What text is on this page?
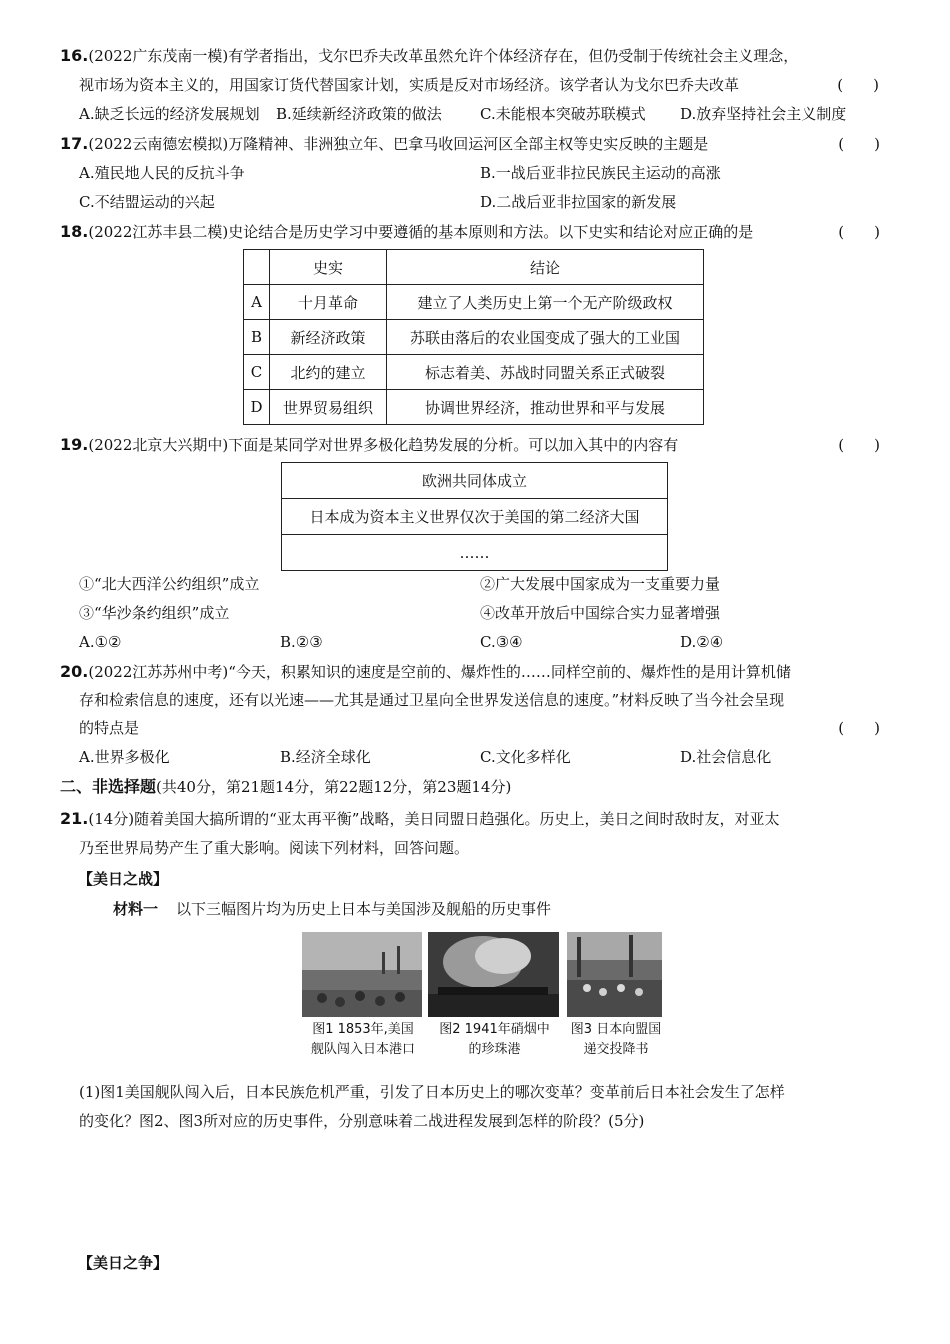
16.(2022广东茂南一模)有学者指出，戈尔巴乔夫改革虽然允许个体经济存在，但仍受制于传统社会主义理念，
视市场为资本主义的，用国家订货代替国家计划，实质是反对市场经济。该学者认为戈尔巴乔夫改革	(　　)
A.缺乏长远的经济发展规划 B.延续新经济政策的做法	C.未能根本突破苏联模式 D.放弃坚持社会主义制度
17.(2022云南德宏模拟)万隆精神、非洲独立年、巴拿马收回运河区全部主权等史实反映的主题是	(　　)
A.殖民地人民的反抗斗争	B.一战后亚非拉民族民主运动的高涨
C.不结盟运动的兴起	D.二战后亚非拉国家的新发展
18.(2022江苏丰县二模)史论结合是历史学习中要遵循的基本原则和方法。以下史实和结论对应正确的是	(　　)
	史实	结论
A	十月革命	建立了人类历史上第一个无产阶级政权
B	新经济政策	苏联由落后的农业国变成了强大的工业国
C	北约的建立	标志着美、苏战时同盟关系正式破裂
D	世界贸易组织	协调世界经济，推动世界和平与发展
19.(2022北京大兴期中)下面是某同学对世界多极化趋势发展的分析。可以加入其中的内容有	(　　)
欧洲共同体成立
日本成为资本主义世界仅次于美国的第二经济大国
……
①“北大西洋公约组织”成立	②广大发展中国家成为一支重要力量
③“华沙条约组织”成立	④改革开放后中国综合实力显著增强
A.①②	B.②③	C.③④	D.②④
20.(2022江苏苏州中考)“今天，积累知识的速度是空前的、爆炸性的……同样空前的、爆炸性的是用计算机储
存和检索信息的速度，还有以光速——尤其是通过卫星向全世界发送信息的速度。”材料反映了当今社会呈现
的特点是	(　　)
A.世界多极化	B.经济全球化	C.文化多样化	D.社会信息化
二、非选择题(共40分，第21题14分，第22题12分，第23题14分)
21.(14分)随着美国大搞所谓的“亚太再平衡”战略，美日同盟日趋强化。历史上，美日之间时敌时友，对亚太
乃至世界局势产生了重大影响。阅读下列材料，回答问题。
【美日之战】
材料一 以下三幅图片均为历史上日本与美国涉及舰船的历史事件
图1 1853年,美国
舰队闯入日本港口
图2 1941年硝烟中
的珍珠港
图3 日本向盟国
递交投降书
(1)图1美国舰队闯入后，日本民族危机严重，引发了日本历史上的哪次变革？变革前后日本社会发生了怎样
的变化？图2、图3所对应的历史事件，分别意味着二战进程发展到怎样的阶段？(5分)
【美日之争】
